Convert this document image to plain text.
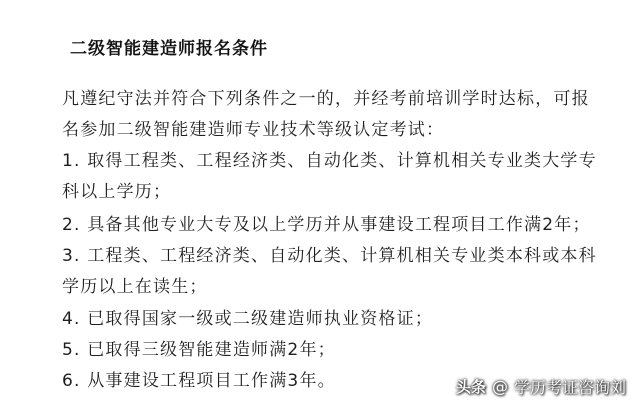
二级智能建造师报名条件
凡遵纪守法并符合下列条件之一的，并经考前培训学时达标，可报
名参加二级智能建造师专业技术等级认定考试：
1. 取得工程类、工程经济类、自动化类、计算机相关专业类大学专
科以上学历；
2. 具备其他专业大专及以上学历并从事建设工程项目工作满2年；
3. 工程类、工程经济类、自动化类、计算机相关专业类本科或本科
学历以上在读生；
4. 已取得国家一级或二级建造师执业资格证；
5. 已取得三级智能建造师满2年；
6. 从事建设工程项目工作满3年。	头条 @ 学历考证咨询刘
